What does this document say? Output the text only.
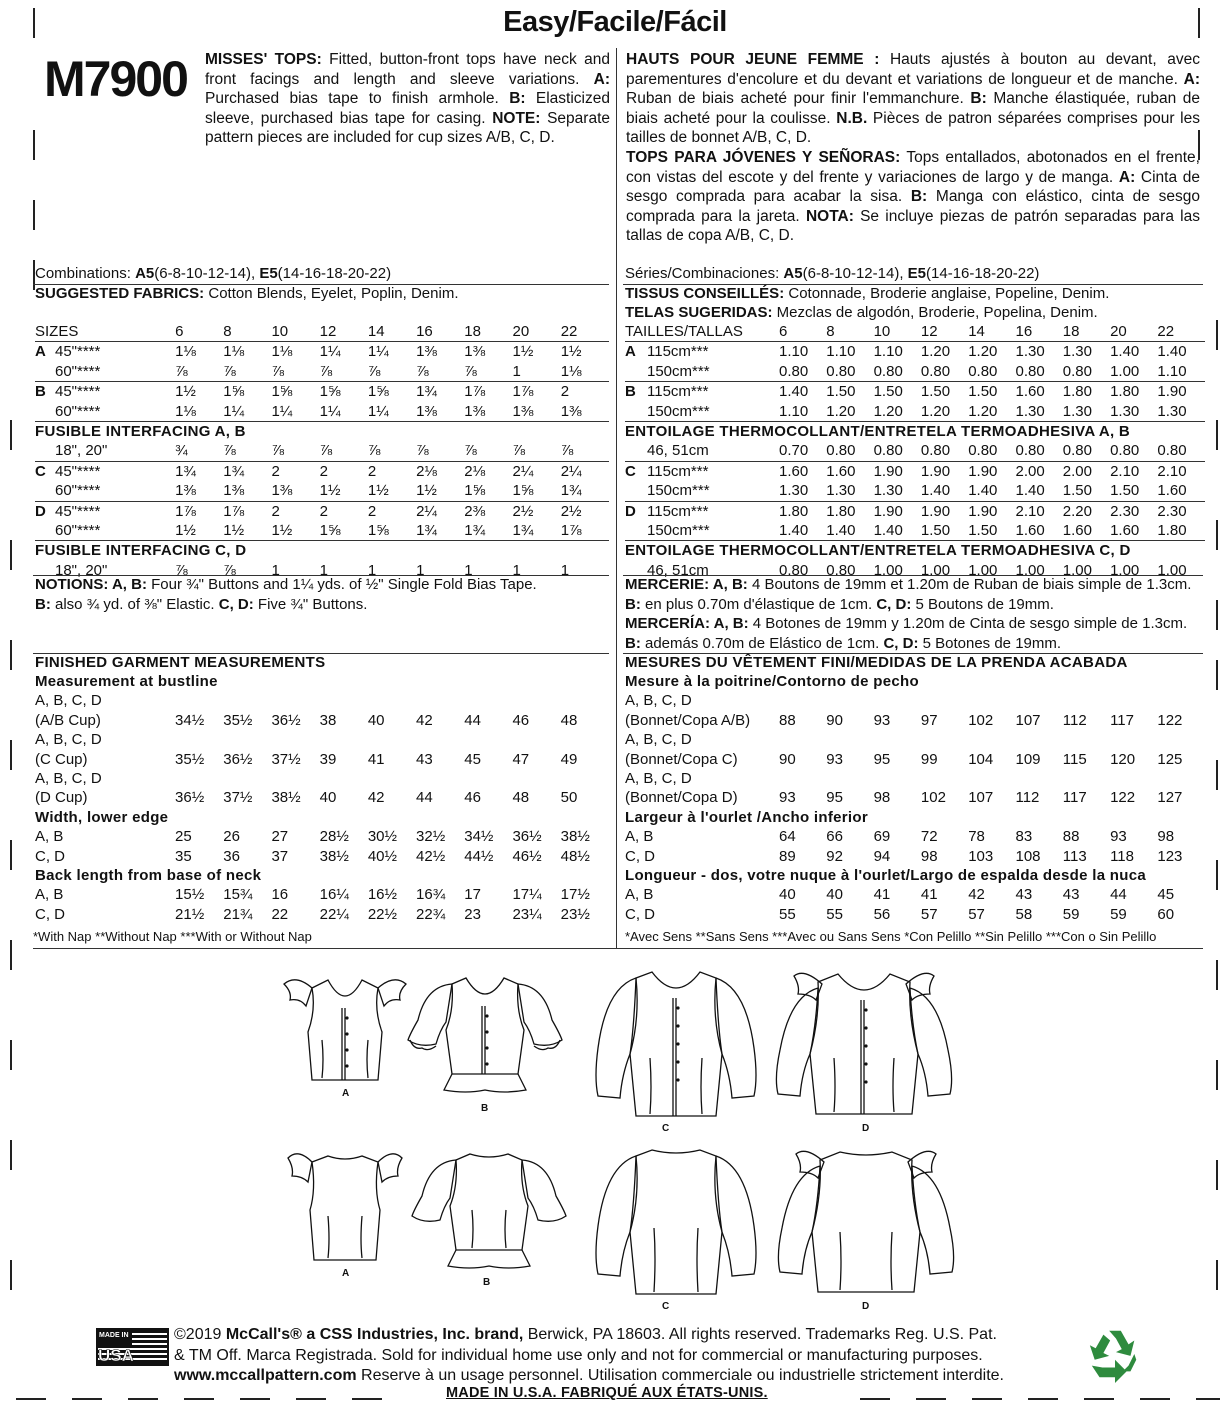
Easy/Facile/Fácil
M7900 MISSES' TOPS: Fitted, button-front tops have neck and front facings and length and sleeve variations. A: Purchased bias tape to finish armhole. B: Elasticized sleeve, purchased bias tape for casing. NOTE: Separate pattern pieces are included for cup sizes A/B, C, D.
HAUTS POUR JEUNE FEMME : Hauts ajustés à bouton au devant, avec parementures d'encolure et du devant et variations de longueur et de manche. A: Ruban de biais acheté pour finir l'emmanchure. B: Manche élastiquée, ruban de biais acheté pour la coulisse. N.B. Pièces de patron séparées comprises pour les tailles de bonnet A/B, C, D.
TOPS PARA JÓVENES Y SEÑORAS: Tops entallados, abotonados en el frente, con vistas del escote y del frente y variaciones de largo y de manga. A: Cinta de sesgo comprada para acabar la sisa. B: Manga con elástico, cinta de sesgo comprada para la jareta. NOTA: Se incluye piezas de patrón separadas para las tallas de copa A/B, C, D.
Combinations: A5(6-8-10-12-14), E5(14-16-18-20-22)
SUGGESTED FABRICS: Cotton Blends, Eyelet, Poplin, Denim.
Séries/Combinaciones: A5(6-8-10-12-14), E5(14-16-18-20-22)
TISSUS CONSEILLÉS: Cotonnade, Broderie anglaise, Popeline, Denim.
TELAS SUGERIDAS: Mezclas de algodón, Broderie, Popelina, Denim.
SIZES		6	8	10	12	14	16	18	20	22
A	45"****	1⅛	1⅛	1⅛	1¼	1¼	1⅜	1⅜	1½	1½
	60"****	⅞	⅞	⅞	⅞	⅞	⅞	⅞	1	1⅛
B	45"****	1½	1⅝	1⅝	1⅝	1⅝	1¾	1⅞	1⅞	2
	60"****	1⅛	1¼	1¼	1¼	1¼	1⅜	1⅜	1⅜	1⅜
FUSIBLE INTERFACING A, B										
	18", 20"	¾	⅞	⅞	⅞	⅞	⅞	⅞	⅞	⅞
C	45"****	1¾	1¾	2	2	2	2⅛	2⅛	2¼	2¼
	60"****	1⅜	1⅜	1⅜	1½	1½	1½	1⅝	1⅝	1¾
D	45"****	1⅞	1⅞	2	2	2	2¼	2⅜	2½	2½
	60"****	1½	1½	1½	1⅝	1⅝	1¾	1¾	1¾	1⅞
FUSIBLE INTERFACING C, D										
	18", 20"	⅞	⅞	1	1	1	1	1	1	1
TAILLES/TALLAS		6	8	10	12	14	16	18	20	22
A	115cm***	1.10	1.10	1.10	1.20	1.20	1.30	1.30	1.40	1.40
	150cm***	0.80	0.80	0.80	0.80	0.80	0.80	0.80	1.00	1.10
B	115cm***	1.40	1.50	1.50	1.50	1.50	1.60	1.80	1.80	1.90
	150cm***	1.10	1.20	1.20	1.20	1.20	1.30	1.30	1.30	1.30
ENTOILAGE THERMOCOLLANT/ENTRETELA TERMOADHESIVA A, B										
	46, 51cm	0.70	0.80	0.80	0.80	0.80	0.80	0.80	0.80	0.80
C	115cm***	1.60	1.60	1.90	1.90	1.90	2.00	2.00	2.10	2.10
	150cm***	1.30	1.30	1.30	1.40	1.40	1.40	1.50	1.50	1.60
D	115cm***	1.80	1.80	1.90	1.90	1.90	2.10	2.20	2.30	2.30
	150cm***	1.40	1.40	1.40	1.50	1.50	1.60	1.60	1.60	1.80
ENTOILAGE THERMOCOLLANT/ENTRETELA TERMOADHESIVA C, D										
	46, 51cm	0.80	0.80	1.00	1.00	1.00	1.00	1.00	1.00	1.00
NOTIONS: A, B: Four ¾" Buttons and 1¼ yds. of ½" Single Fold Bias Tape.
B: also ¾ yd. of ⅜" Elastic. C, D: Five ¾" Buttons.
MERCERIE: A, B: 4 Boutons de 19mm et 1.20m de Ruban de biais simple de 1.3cm. B: en plus 0.70m d'élastique de 1cm. C, D: 5 Boutons de 19mm.
MERCERÍA: A, B: 4 Botones de 19mm y 1.20m de Cinta de sesgo simple de 1.3cm. B: además 0.70m de Elástico de 1cm. C, D: 5 Botones de 19mm.
FINISHED GARMENT MEASUREMENTS
Measurement at bustline									
A, B, C, D									
(A/B Cup)	34½	35½	36½	38	40	42	44	46	48
A, B, C, D									
(C Cup)	35½	36½	37½	39	41	43	45	47	49
A, B, C, D									
(D Cup)	36½	37½	38½	40	42	44	46	48	50
Width, lower edge									
A, B	25	26	27	28½	30½	32½	34½	36½	38½
C, D	35	36	37	38½	40½	42½	44½	46½	48½
Back length from base of neck									
A, B	15½	15¾	16	16¼	16½	16¾	17	17¼	17½
C, D	21½	21¾	22	22¼	22½	22¾	23	23¼	23½
MESURES DU VÊTEMENT FINI/MEDIDAS DE LA PRENDA ACABADA
Mesure à la poitrine/Contorno de pecho									
A, B, C, D									
(Bonnet/Copa A/B)	88	90	93	97	102	107	112	117	122
A, B, C, D									
(Bonnet/Copa C)	90	93	95	99	104	109	115	120	125
A, B, C, D									
(Bonnet/Copa D)	93	95	98	102	107	112	117	122	127
Largeur à l'ourlet /Ancho inferior									
A, B	64	66	69	72	78	83	88	93	98
C, D	89	92	94	98	103	108	113	118	123
Longueur - dos, votre nuque à l'ourlet/Largo de espalda desde la nuca									
A, B	40	40	41	41	42	43	43	44	45
C, D	55	55	56	57	57	58	59	59	60
*With Nap **Without Nap ***With or Without Nap	*Avec Sens **Sans Sens ***Avec ou Sans Sens *Con Pelillo **Sin Pelillo ***Con o Sin Pelillo
A
B
C	D
A
B
C	D
MADE IN
USA
©2019 McCall's® a CSS Industries, Inc. brand, Berwick, PA 18603. All rights reserved. Trademarks Reg. U.S. Pat.
& TM Off. Marca Registrada. Sold for individual home use only and not for commercial or manufacturing purposes.
www.mccallpattern.com Reserve à un usage personnel. Utilisation commerciale ou industrielle strictement interdite.
MADE IN U.S.A. FABRIQUÉ AUX ÉTATS-UNIS.
